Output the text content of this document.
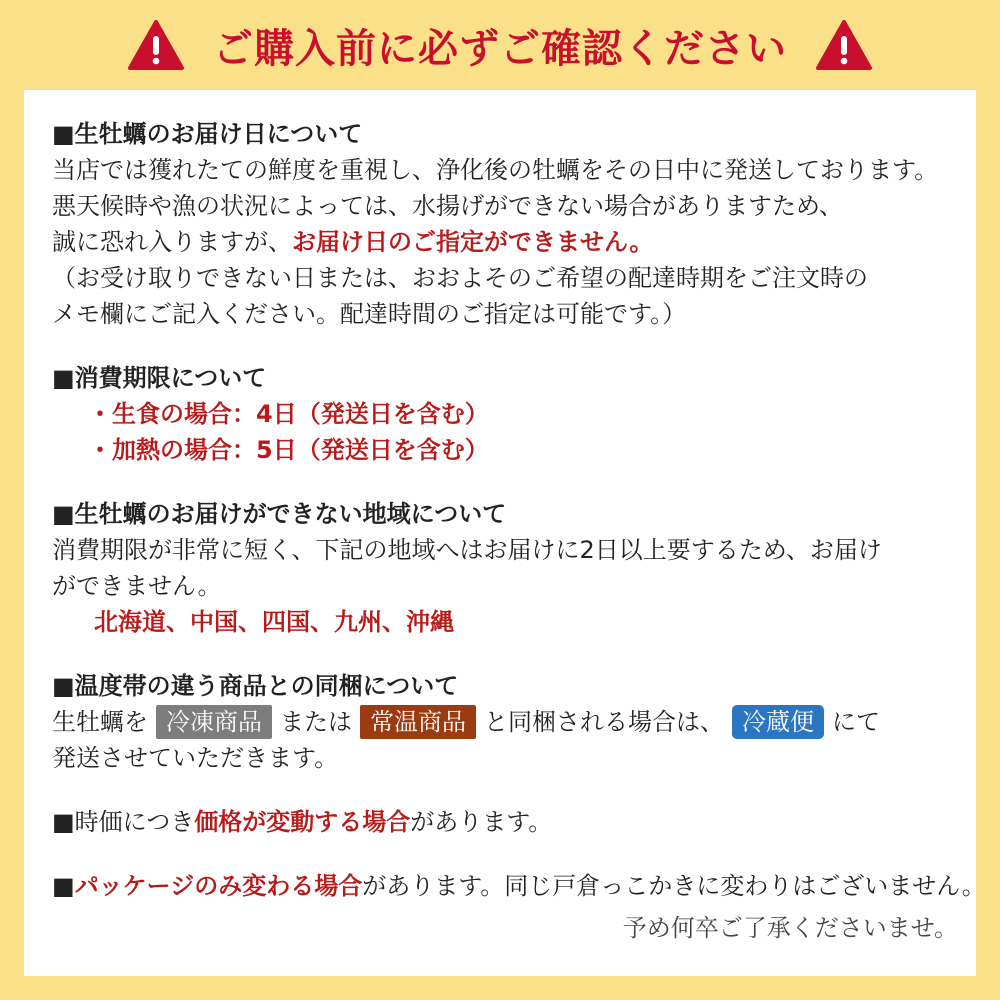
ご購入前に必ずご確認ください
■生牡蠣のお届け日について
当店では獲れたての鮮度を重視し、浄化後の牡蠣をその日中に発送しております。
悪天候時や漁の状況によっては、水揚げができない場合がありますため、
誠に恐れ入りますが、お届け日のご指定ができません。
（お受け取りできない日または、おおよそのご希望の配達時期をご注文時の
メモ欄にご記入ください。配達時間のご指定は可能です。）
■消費期限について
・生食の場合：4日（発送日を含む）
・加熱の場合：5日（発送日を含む）
■生牡蠣のお届けができない地域について
消費期限が非常に短く、下記の地域へはお届けに2日以上要するため、お届け
ができません。
北海道、中国、四国、九州、沖縄
■温度帯の違う商品との同梱について
生牡蠣を 冷凍商品 または 常温商品 と同梱される場合は、 冷蔵便 にて
発送させていただきます。
■時価につき価格が変動する場合があります。
■パッケージのみ変わる場合があります。同じ戸倉っこかきに変わりはございません。
予め何卒ご了承くださいませ。
